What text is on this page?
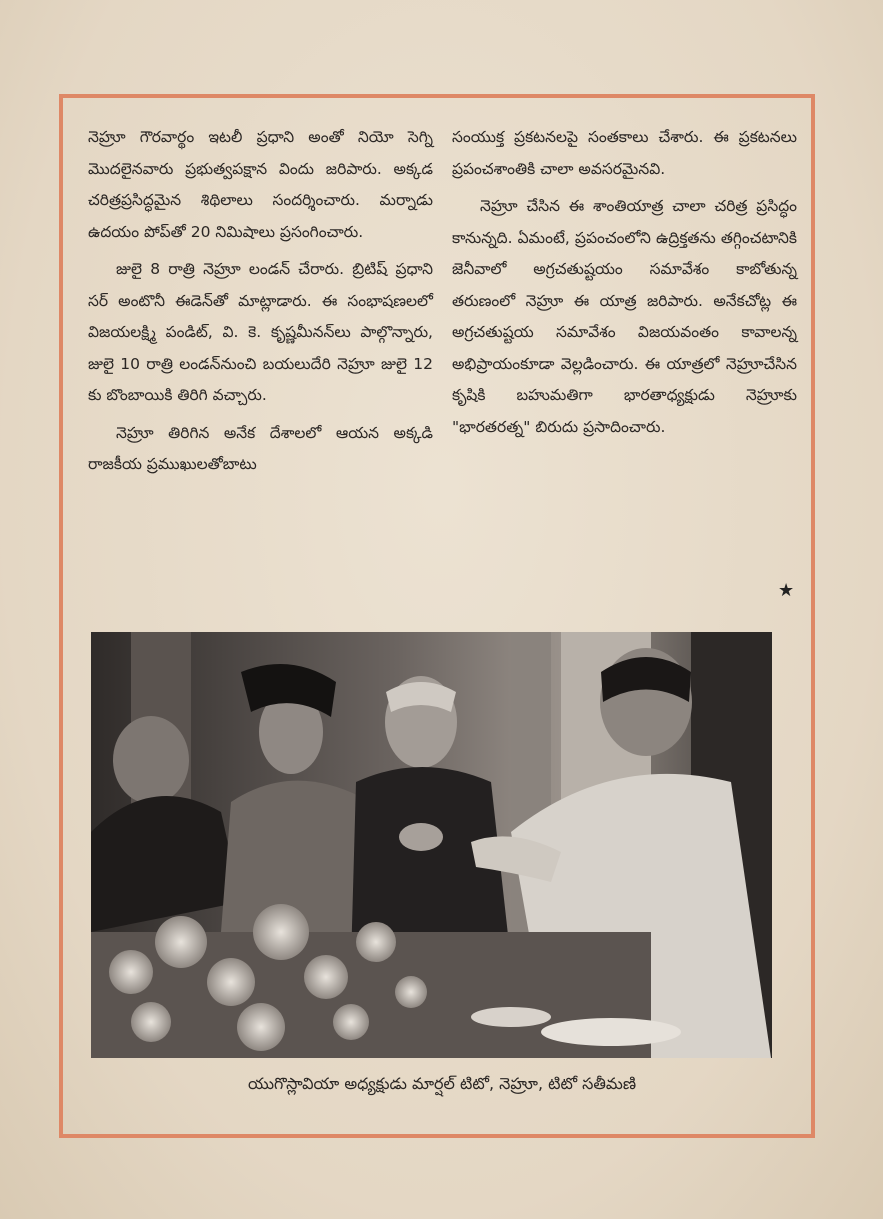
నెహ్రూ గౌరవార్థం ఇటలీ ప్రధాని అంతో నియో సెగ్ని మొదలైనవారు ప్రభుత్వపక్షాన విందు జరిపారు. అక్కడ చరిత్రప్రసిద్ధమైన శిథిలాలు సందర్శించారు. మర్నాడు ఉదయం పోప్‌తో 20 నిమిషాలు ప్రసంగించారు.

జులై 8 రాత్రి నెహ్రూ లండన్ చేరారు. బ్రిటిష్ ప్రధాని సర్ అంటొనీ ఈడెన్‌తో మాట్లాడారు. ఈ సంభాషణలలో విజయలక్ష్మి పండిట్, వి. కె. కృష్ణమీనన్‌లు పాల్గొన్నారు, జులై 10 రాత్రి లండన్‌నుంచి బయలుదేరి నెహ్రూ జులై 12 కు బొంబాయికి తిరిగి వచ్చారు.

నెహ్రూ తిరిగిన అనేక దేశాలలో ఆయన అక్కడి రాజకీయ ప్రముఖులతోబాటు

సంయుక్త ప్రకటనలపై సంతకాలు చేశారు. ఈ ప్రకటనలు ప్రపంచశాంతికి చాలా అవసరమైనవి.

నెహ్రూ చేసిన ఈ శాంతియాత్ర చాలా చరిత్ర ప్రసిద్ధం కానున్నది. ఏమంటే, ప్రపంచంలోని ఉద్రిక్తతను తగ్గించటానికి జెనీవాలో అగ్రచతుష్టయం సమావేశం కాబోతున్న తరుణంలో నెహ్రూ ఈ యాత్ర జరిపారు. అనేకచోట్ల ఈ అగ్రచతుష్టయ సమావేశం విజయవంతం కావాలన్న అభిప్రాయంకూడా వెల్లడించారు. ఈ యాత్రలో నెహ్రూచేసిన కృషికి బహుమతిగా భారతాధ్యక్షుడు నెహ్రూకు "భారతరత్న" బిరుదు ప్రసాదించారు.

★
యుగొస్లావియా అధ్యక్షుడు మార్షల్ టిటో, నెహ్రూ, టిటో సతీమణి
